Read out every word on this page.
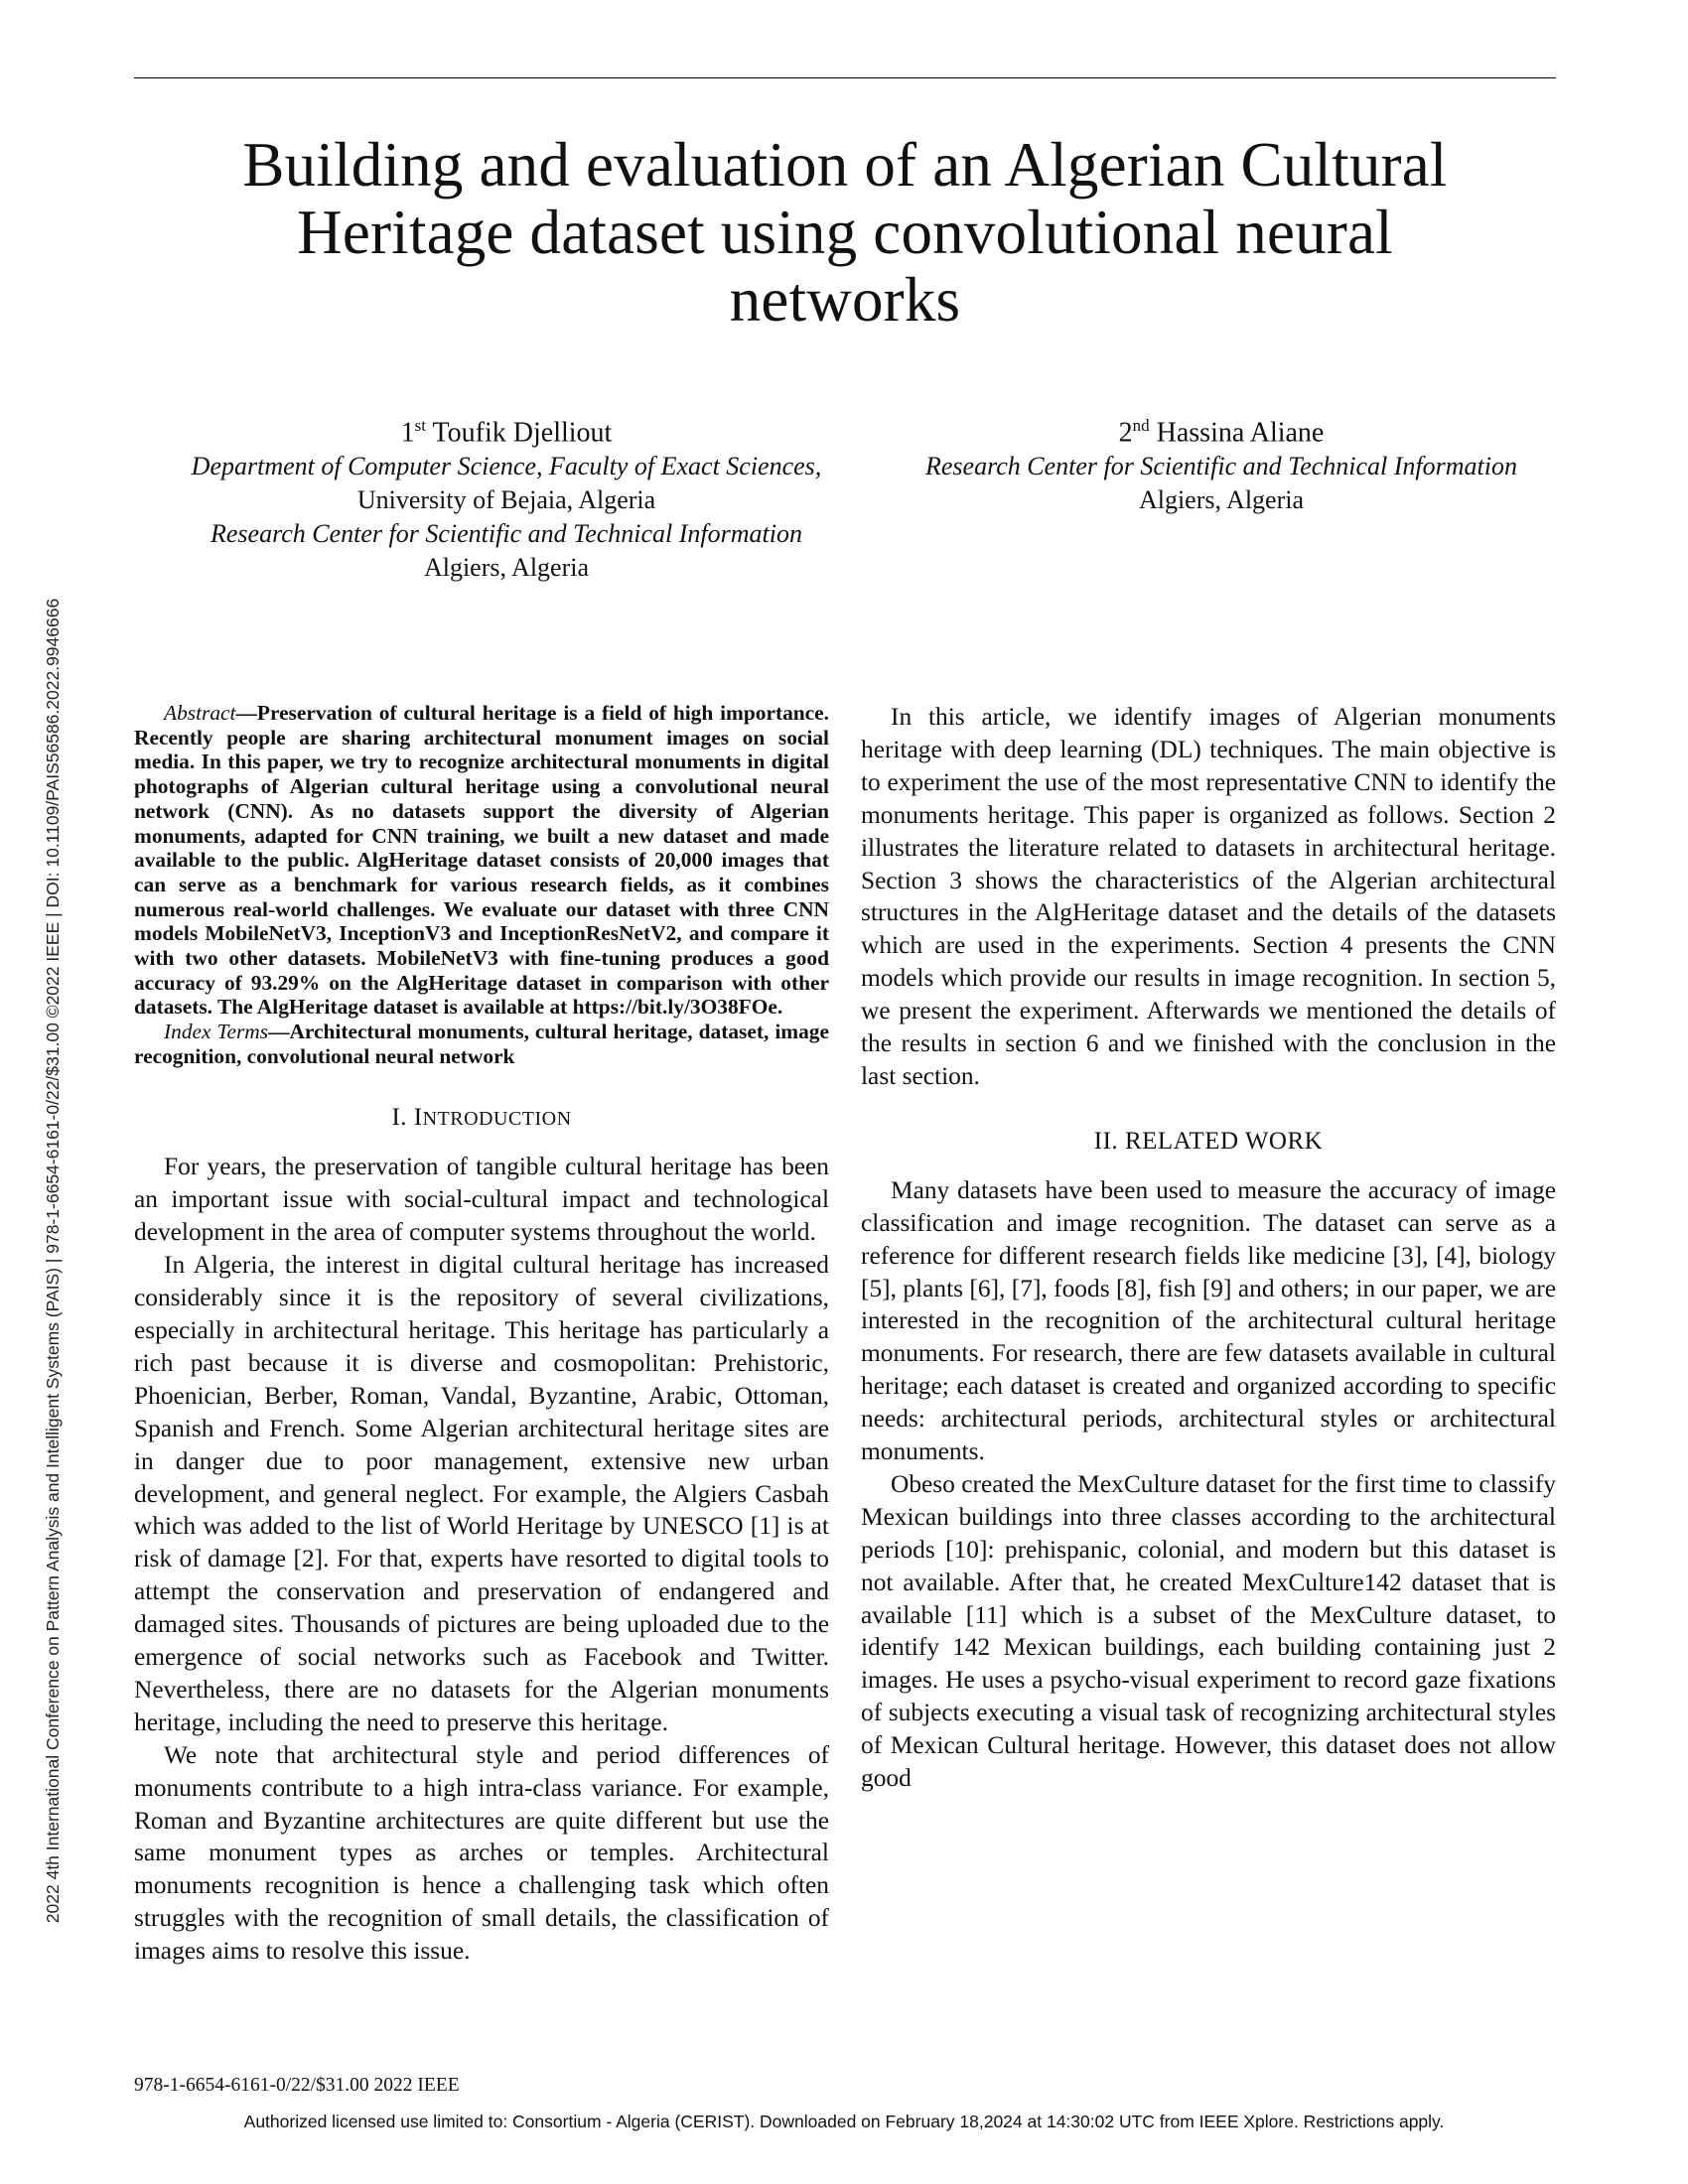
2022 4th International Conference on Pattern Analysis and Intelligent Systems (PAIS) | 978-1-6654-6161-0/22/$31.00 ©2022 IEEE | DOI: 10.1109/PAIS56586.2022.9946666
Building and evaluation of an Algerian Cultural
Heritage dataset using convolutional neural
networks
1st Toufik Djelliout
Department of Computer Science, Faculty of Exact Sciences,
University of Bejaia, Algeria
Research Center for Scientific and Technical Information
Algiers, Algeria
2nd Hassina Aliane
Research Center for Scientific and Technical Information
Algiers, Algeria

Abstract—Preservation of cultural heritage is a field of high importance. Recently people are sharing architectural monument images on social media. In this paper, we try to recognize architectural monuments in digital photographs of Algerian cultural heritage using a convolutional neural network (CNN). As no datasets support the diversity of Algerian monuments, adapted for CNN training, we built a new dataset and made available to the public. AlgHeritage dataset consists of 20,000 images that can serve as a benchmark for various research fields, as it combines numerous real-world challenges. We evaluate our dataset with three CNN models MobileNetV3, InceptionV3 and InceptionResNetV2, and compare it with two other datasets. MobileNetV3 with fine-tuning produces a good accuracy of 93.29% on the AlgHeritage dataset in comparison with other datasets. The AlgHeritage dataset is available at https://bit.ly/3O38FOe.

Index Terms—Architectural monuments, cultural heritage, dataset, image recognition, convolutional neural network

I. INTRODUCTION

For years, the preservation of tangible cultural heritage has been an important issue with social-cultural impact and technological development in the area of computer systems throughout the world.

In Algeria, the interest in digital cultural heritage has increased considerably since it is the repository of several civilizations, especially in architectural heritage. This heritage has particularly a rich past because it is diverse and cosmopolitan: Prehistoric, Phoenician, Berber, Roman, Vandal, Byzantine, Arabic, Ottoman, Spanish and French. Some Algerian architectural heritage sites are in danger due to poor management, extensive new urban development, and general neglect. For example, the Algiers Casbah which was added to the list of World Heritage by UNESCO [1] is at risk of damage [2]. For that, experts have resorted to digital tools to attempt the conservation and preservation of endangered and damaged sites. Thousands of pictures are being uploaded due to the emergence of social networks such as Facebook and Twitter. Nevertheless, there are no datasets for the Algerian monuments heritage, including the need to preserve this heritage.

We note that architectural style and period differences of monuments contribute to a high intra-class variance. For example, Roman and Byzantine architectures are quite different but use the same monument types as arches or temples. Architectural monuments recognition is hence a challenging task which often struggles with the recognition of small details, the classification of images aims to resolve this issue.

In this article, we identify images of Algerian monuments heritage with deep learning (DL) techniques. The main objective is to experiment the use of the most representative CNN to identify the monuments heritage. This paper is organized as follows. Section 2 illustrates the literature related to datasets in architectural heritage. Section 3 shows the characteristics of the Algerian architectural structures in the AlgHeritage dataset and the details of the datasets which are used in the experiments. Section 4 presents the CNN models which provide our results in image recognition. In section 5, we present the experiment. Afterwards we mentioned the details of the results in section 6 and we finished with the conclusion in the last section.

II. RELATED WORK

Many datasets have been used to measure the accuracy of image classification and image recognition. The dataset can serve as a reference for different research fields like medicine [3], [4], biology [5], plants [6], [7], foods [8], fish [9] and others; in our paper, we are interested in the recognition of the architectural cultural heritage monuments. For research, there are few datasets available in cultural heritage; each dataset is created and organized according to specific needs: architectural periods, architectural styles or architectural monuments.

Obeso created the MexCulture dataset for the first time to classify Mexican buildings into three classes according to the architectural periods [10]: prehispanic, colonial, and modern but this dataset is not available. After that, he created MexCulture142 dataset that is available [11] which is a subset of the MexCulture dataset, to identify 142 Mexican buildings, each building containing just 2 images. He uses a psycho-visual experiment to record gaze fixations of subjects executing a visual task of recognizing architectural styles of Mexican Cultural heritage. However, this dataset does not allow good

978-1-6654-6161-0/22/$31.00 2022 IEEE
Authorized licensed use limited to: Consortium - Algeria (CERIST). Downloaded on February 18,2024 at 14:30:02 UTC from IEEE Xplore. Restrictions apply.
